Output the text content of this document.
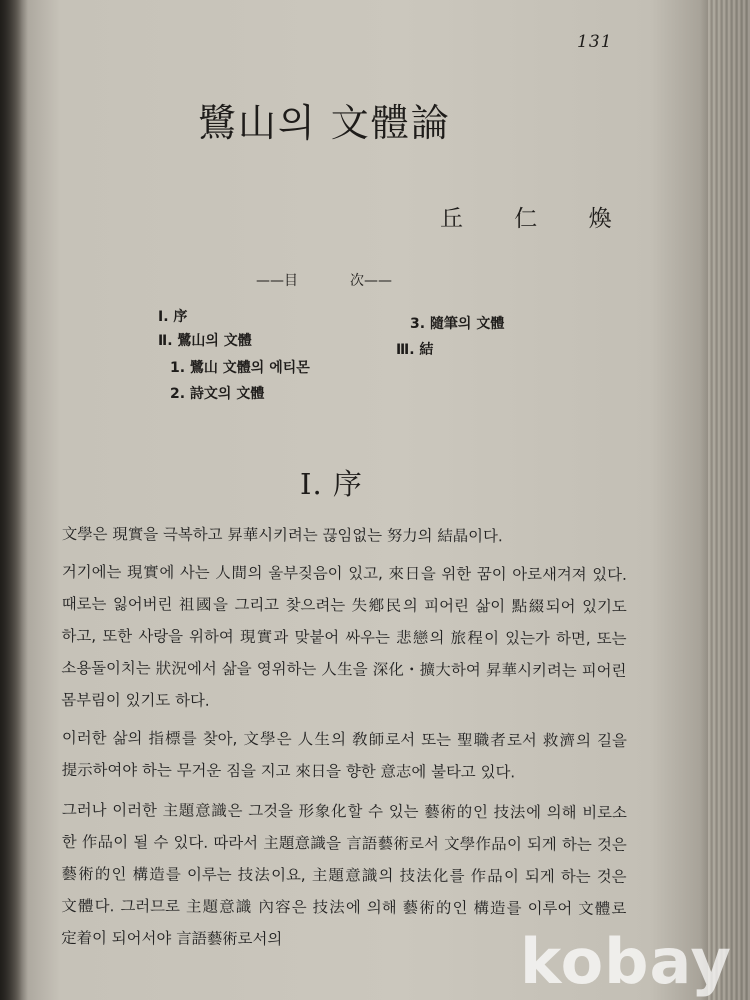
131
鷺山의 文體論
丘 仁 煥
——目	次——
Ⅰ. 序
Ⅱ. 鷺山의 文體
1. 鷺山 文體의 에티몬
2. 詩文의 文體
3. 隨筆의 文體
Ⅲ. 結
Ⅰ. 序

文學은 現實을 극복하고 昇華시키려는 끊임없는 努力의 結晶이다.

거기에는 現實에 사는 人間의 울부짖음이 있고, 來日을 위한 꿈이 아로새겨져 있다. 때로는 잃어버린 祖國을 그리고 찾으려는 失鄕民의 피어린 삶이 點綴되어 있기도 하고, 또한 사랑을 위하여 現實과 맞붙어 싸우는 悲戀의 旅程이 있는가 하면, 또는 소용돌이치는 狀況에서 삶을 영위하는 人生을 深化・擴大하여 昇華시키려는 피어린 몸부림이 있기도 하다.

이러한 삶의 指標를 찾아, 文學은 人生의 敎師로서 또는 聖職者로서 救濟의 길을 提示하여야 하는 무거운 짐을 지고 來日을 향한 意志에 불타고 있다.

그러나 이러한 主題意識은 그것을 形象化할 수 있는 藝術的인 技法에 의해 비로소 한 作品이 될 수 있다. 따라서 主題意識을 言語藝術로서 文學作品이 되게 하는 것은 藝術的인 構造를 이루는 技法이요, 主題意識의 技法化를 作品이 되게 하는 것은 文體다. 그러므로 主題意識 內容은 技法에 의해 藝術的인 構造를 이루어 文體로 定着이 되어서야 言語藝術로서의	kobay
